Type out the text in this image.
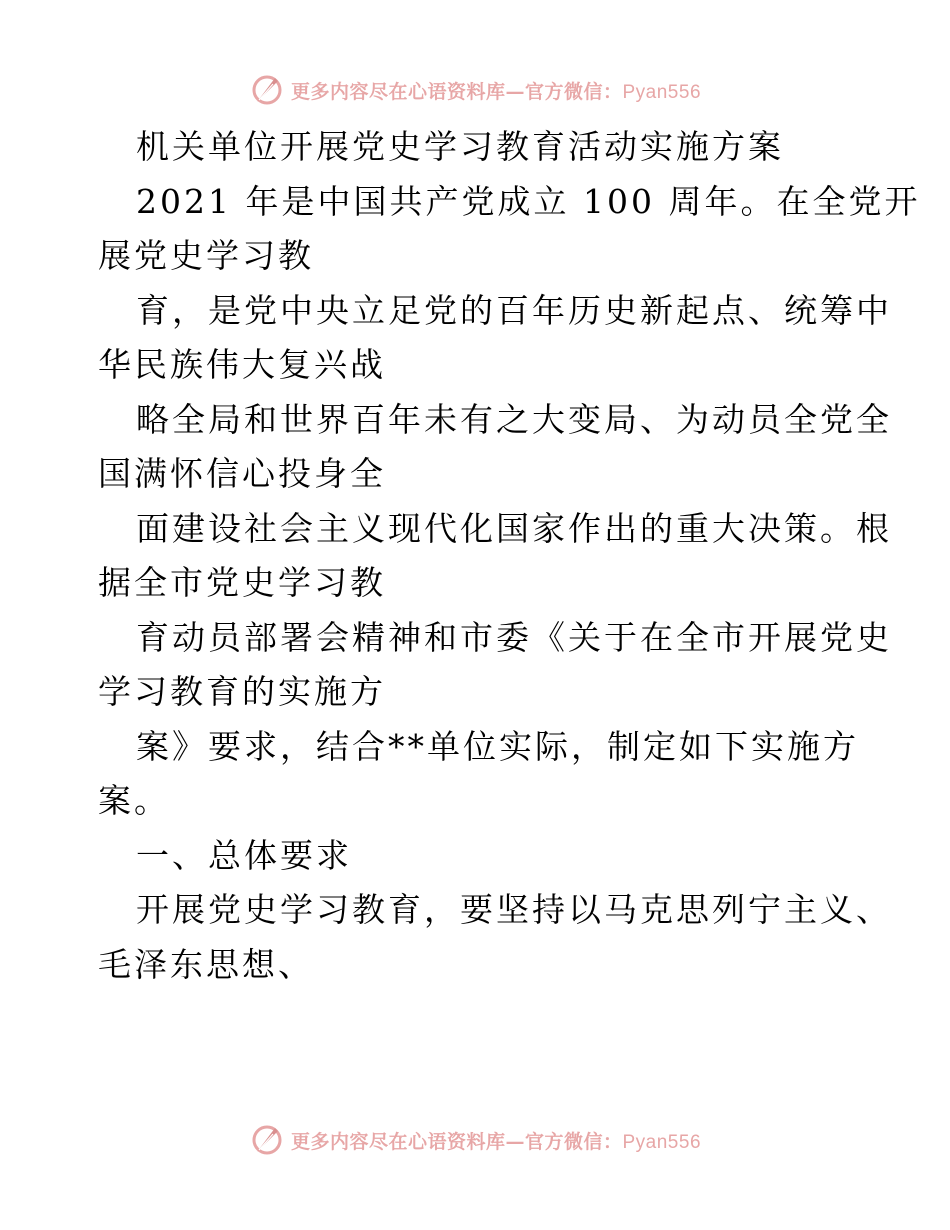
更多内容尽在心语资料库—官方微信：Pyan556
机关单位开展党史学习教育活动实施方案
2021 年是中国共产党成立 100 周年。在全党开
展党史学习教
育，是党中央立足党的百年历史新起点、统筹中
华民族伟大复兴战
略全局和世界百年未有之大变局、为动员全党全
国满怀信心投身全
面建设社会主义现代化国家作出的重大决策。根
据全市党史学习教
育动员部署会精神和市委《关于在全市开展党史
学习教育的实施方
案》要求，结合**单位实际，制定如下实施方
案。
一、总体要求
开展党史学习教育，要坚持以马克思列宁主义、
毛泽东思想、
更多内容尽在心语资料库—官方微信：Pyan556
